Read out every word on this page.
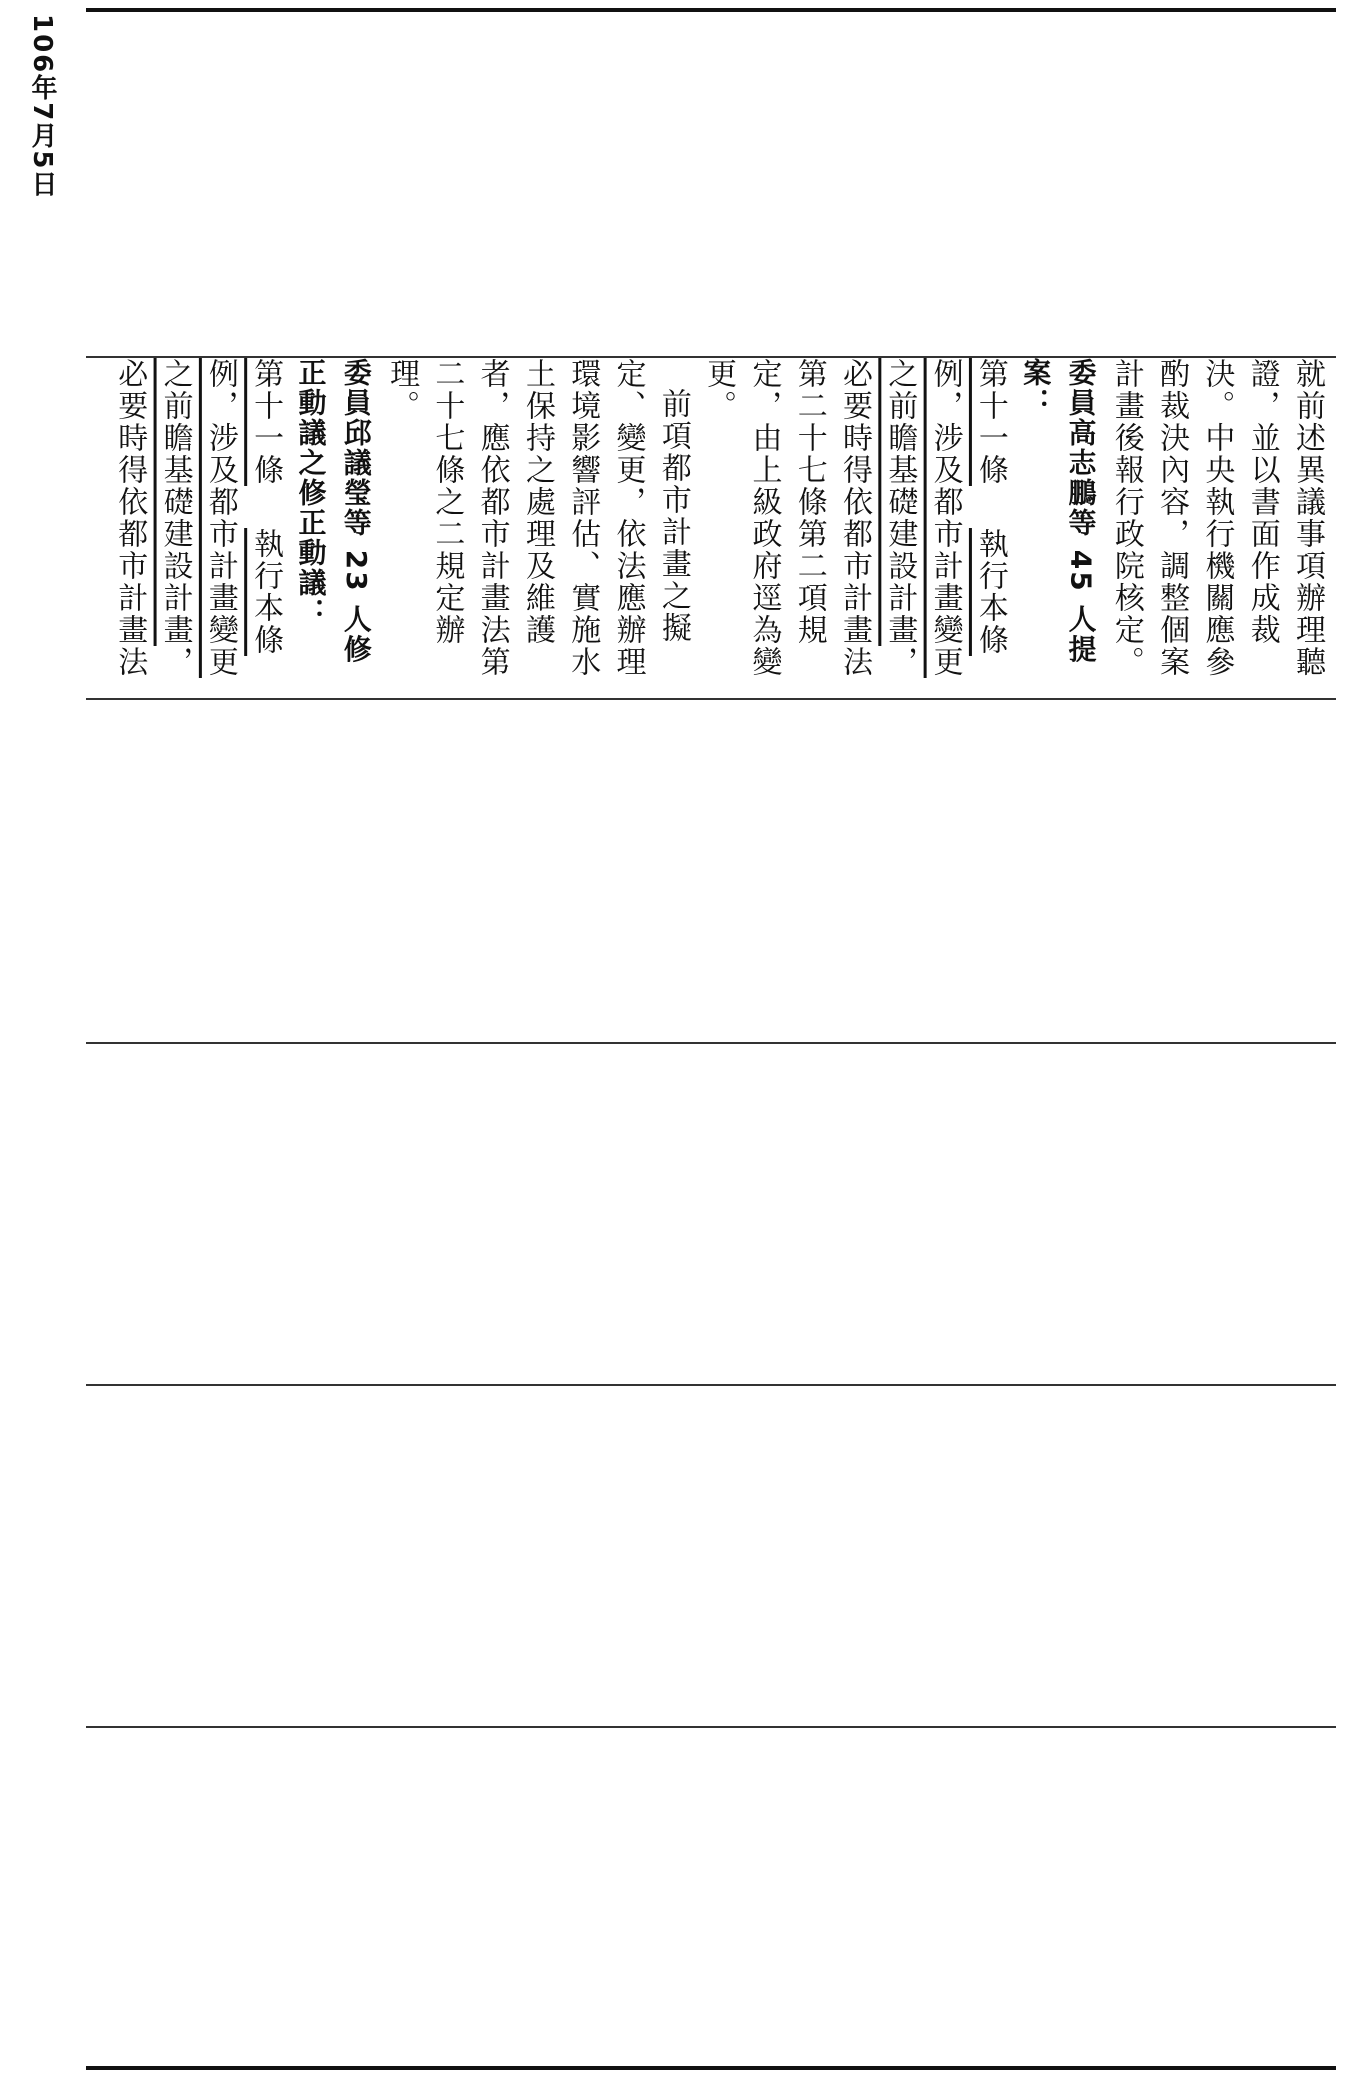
106年7月5日

就前述異議事項辦理聽證，並以書面作成裁決。中央執行機關應參酌裁決內容，調整個案計畫後報行政院核定。

委員高志鵬等 45 人提案：

第十一條執行本條例，涉及都市計畫變更之前瞻基礎建設計畫，必要時得依都市計畫法第二十七條第二項規定，由上級政府逕為變更。

前項都市計畫之擬定、變更，依法應辦理環境影響評估、實施水土保持之處理及維護者，應依都市計畫法第二十七條之二規定辦理。

委員邱議瑩等 23 人修正動議之修正動議：

第十一條執行本條例，涉及都市計畫變更之前瞻基礎建設計畫，必要時得依都市計畫法
